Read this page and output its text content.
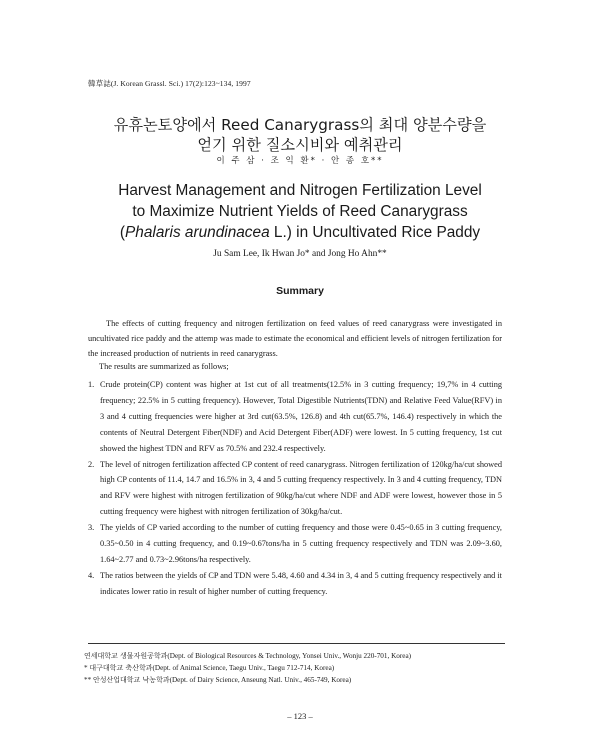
韓草誌(J. Korean Grassl. Sci.) 17(2):123~134, 1997
유휴논토양에서 Reed Canarygrass의 최대 양분수량을
얻기 위한 질소시비와 예취관리
이 주 삼 · 조 익 환* · 안 종 호**
Harvest Management and Nitrogen Fertilization Level
to Maximize Nutrient Yields of Reed Canarygrass
(Phalaris arundinacea L.) in Uncultivated Rice Paddy
Ju Sam Lee, Ik Hwan Jo* and Jong Ho Ahn**
Summary

The effects of cutting frequency and nitrogen fertilization on feed values of reed canarygrass were investigated in uncultivated rice paddy and the attemp was made to estimate the economical and efficient levels of nitrogen fertilization for the increased production of nutrients in reed canarygrass.

The results are summarized as follows;
1. Crude protein(CP) content was higher at 1st cut of all treatments(12.5% in 3 cutting frequency; 19,7% in 4 cutting frequency; 22.5% in 5 cutting frequency). However, Total Digestible Nutrients(TDN) and Relative Feed Value(RFV) in 3 and 4 cutting frequencies were higher at 3rd cut(63.5%, 126.8) and 4th cut(65.7%, 146.4) respectively in which the contents of Neutral Detergent Fiber(NDF) and Acid Detergent Fiber(ADF) were lowest. In 5 cutting frequency, 1st cut showed the highest TDN and RFV as 70.5% and 232.4 respectively.
2. The level of nitrogen fertilization affected CP content of reed canarygrass. Nitrogen fertilization of 120kg/ha/cut showed high CP contents of 11.4, 14.7 and 16.5% in 3, 4 and 5 cutting frequency respectively. In 3 and 4 cutting frequency, TDN and RFV were highest with nitrogen fertilization of 90kg/ha/cut where NDF and ADF were lowest, however those in 5 cutting frequency were highest with nitrogen fertilization of 30kg/ha/cut.
3. The yields of CP varied according to the number of cutting frequency and those were 0.45~0.65 in 3 cutting frequency, 0.35~0.50 in 4 cutting frequency, and 0.19~0.67tons/ha in 5 cutting frequency respectively and TDN was 2.09~3.60, 1.64~2.77 and 0.73~2.96tons/ha respectively.
4. The ratios between the yields of CP and TDN were 5.48, 4.60 and 4.34 in 3, 4 and 5 cutting frequency respectively and it indicates lower ratio in result of higher number of cutting frequency.
연세대학교 생물자원공학과(Dept. of Biological Resources & Technology, Yonsei Univ., Wonju 220-701, Korea)
* 대구대학교 축산학과(Dept. of Animal Science, Taegu Univ., Taegu 712-714, Korea)
** 안성산업대학교 낙농학과(Dept. of Dairy Science, Anseung Natl. Univ., 465-749, Korea)
– 123 –
